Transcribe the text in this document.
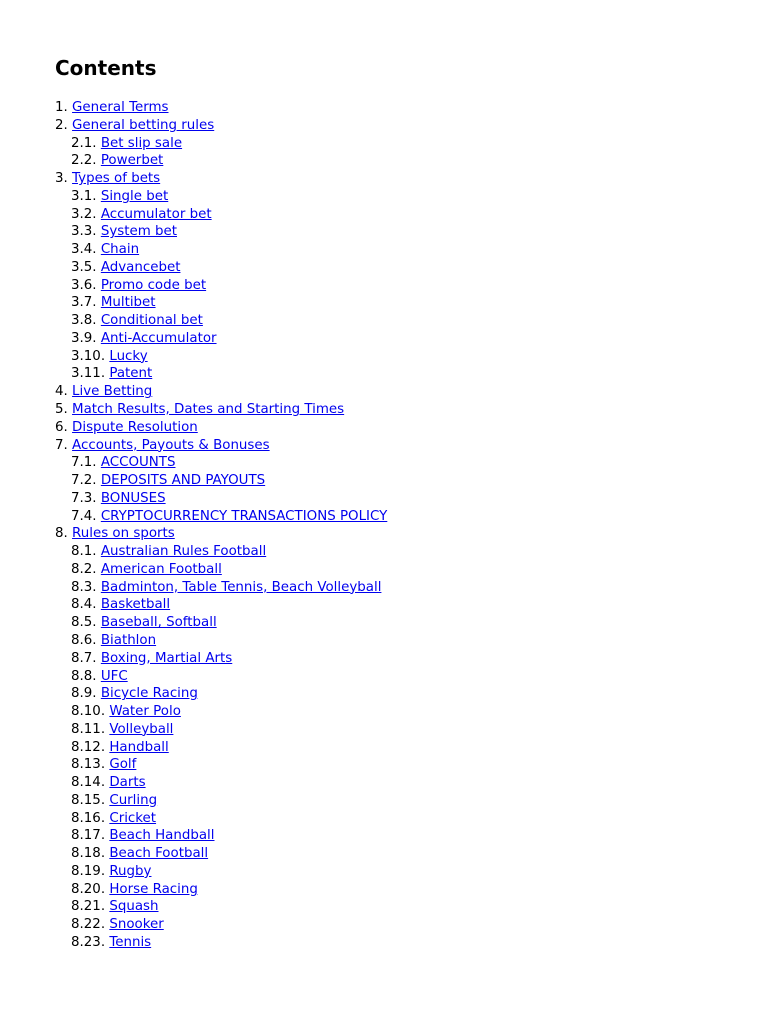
Contents
1. General Terms
2. General betting rules
2.1. Bet slip sale
2.2. Powerbet
3. Types of bets
3.1. Single bet
3.2. Accumulator bet
3.3. System bet
3.4. Chain
3.5. Advancebet
3.6. Promo code bet
3.7. Multibet
3.8. Conditional bet
3.9. Anti-Accumulator
3.10. Lucky
3.11. Patent
4. Live Betting
5. Match Results, Dates and Starting Times
6. Dispute Resolution
7. Accounts, Payouts & Bonuses
7.1. ACCOUNTS
7.2. DEPOSITS AND PAYOUTS
7.3. BONUSES
7.4. CRYPTOCURRENCY TRANSACTIONS POLICY
8. Rules on sports
8.1. Australian Rules Football
8.2. American Football
8.3. Badminton, Table Tennis, Beach Volleyball
8.4. Basketball
8.5. Baseball, Softball
8.6. Biathlon
8.7. Boxing, Martial Arts
8.8. UFC
8.9. Bicycle Racing
8.10. Water Polo
8.11. Volleyball
8.12. Handball
8.13. Golf
8.14. Darts
8.15. Curling
8.16. Cricket
8.17. Beach Handball
8.18. Beach Football
8.19. Rugby
8.20. Horse Racing
8.21. Squash
8.22. Snooker
8.23. Tennis
